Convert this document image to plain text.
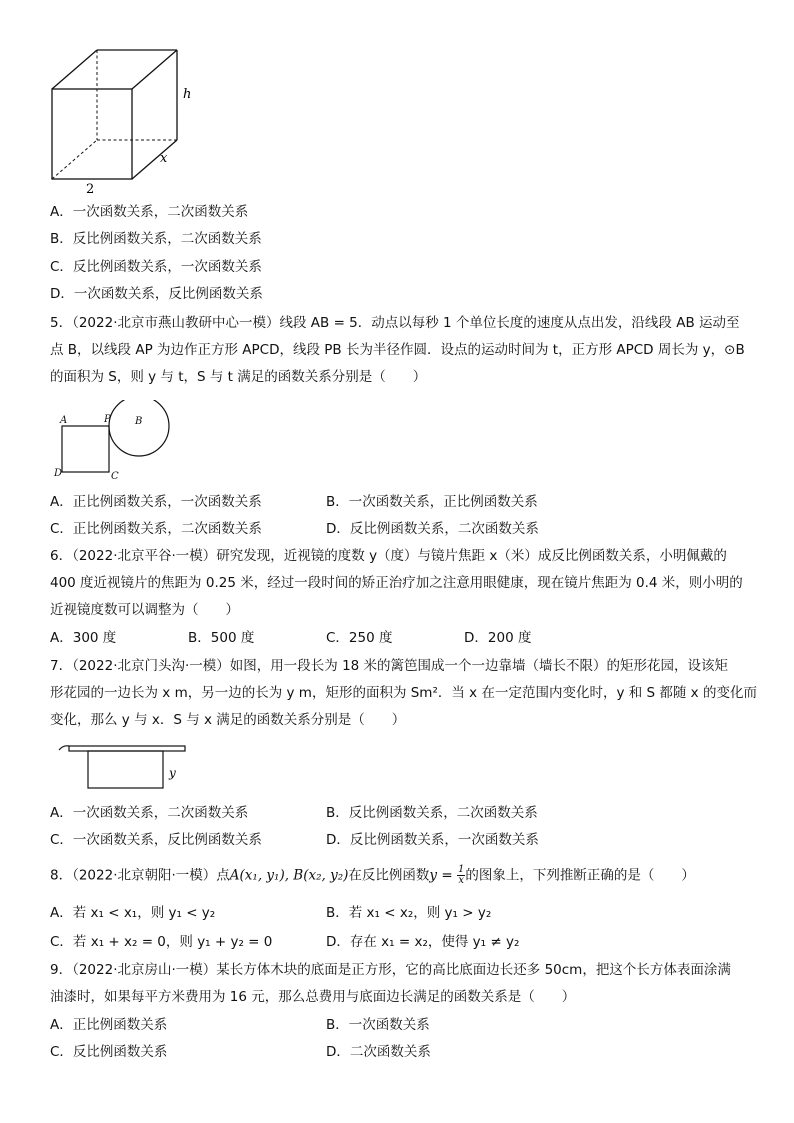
h
x
2
A．一次函数关系，二次函数关系
B．反比例函数关系，二次函数关系
C．反比例函数关系，一次函数关系
D．一次函数关系，反比例函数关系
5．（2022·北京市燕山教研中心一模）线段 AB = 5．动点以每秒 1 个单位长度的速度从点出发，沿线段 AB 运动至
点 B，以线段 AP 为边作正方形 APCD，线段 PB 长为半径作圆．设点的运动时间为 t，正方形 APCD 周长为 y，⊙B
的面积为 S，则 y 与 t，S 与 t 满足的函数关系分别是（　　）
A	P B
D	C
A．正比例函数关系，一次函数关系	B．一次函数关系，正比例函数关系
C．正比例函数关系，二次函数关系	D．反比例函数关系，二次函数关系
6．（2022·北京平谷·一模）研究发现，近视镜的度数 y（度）与镜片焦距 x（米）成反比例函数关系，小明佩戴的
400 度近视镜片的焦距为 0.25 米，经过一段时间的矫正治疗加之注意用眼健康，现在镜片焦距为 0.4 米，则小明的
近视镜度数可以调整为（　　）
A．300 度	B．500 度	C．250 度	D．200 度
7．（2022·北京门头沟·一模）如图，用一段长为 18 米的篱笆围成一个一边靠墙（墙长不限）的矩形花园，设该矩
形花园的一边长为 x m，另一边的长为 y m，矩形的面积为 Sm²．当 x 在一定范围内变化时，y 和 S 都随 x 的变化而
变化，那么 y 与 x．S 与 x 满足的函数关系分别是（　　）
y
A．一次函数关系，二次函数关系	B．反比例函数关系，二次函数关系
C．一次函数关系，反比例函数关系	D．反比例函数关系，一次函数关系
8．（2022·北京朝阳·一模）点A(x₁, y₁), B(x₂, y₂)在反比例函数$y = \frac{1}{x}$ 的图象上，下列推断正确的是（　　）
A．若 x₁ < x₁，则 y₁ < y₂	B．若 x₁ < x₂，则 y₁ > y₂
C．若 x₁ + x₂ = 0，则 y₁ + y₂ = 0	D．存在 x₁ = x₂，使得 y₁ ≠ y₂
9．（2022·北京房山·一模）某长方体木块的底面是正方形，它的高比底面边长还多 50cm，把这个长方体表面涂满
油漆时，如果每平方米费用为 16 元，那么总费用与底面边长满足的函数关系是（　　）
A．正比例函数关系	B．一次函数关系
C．反比例函数关系	D．二次函数关系
